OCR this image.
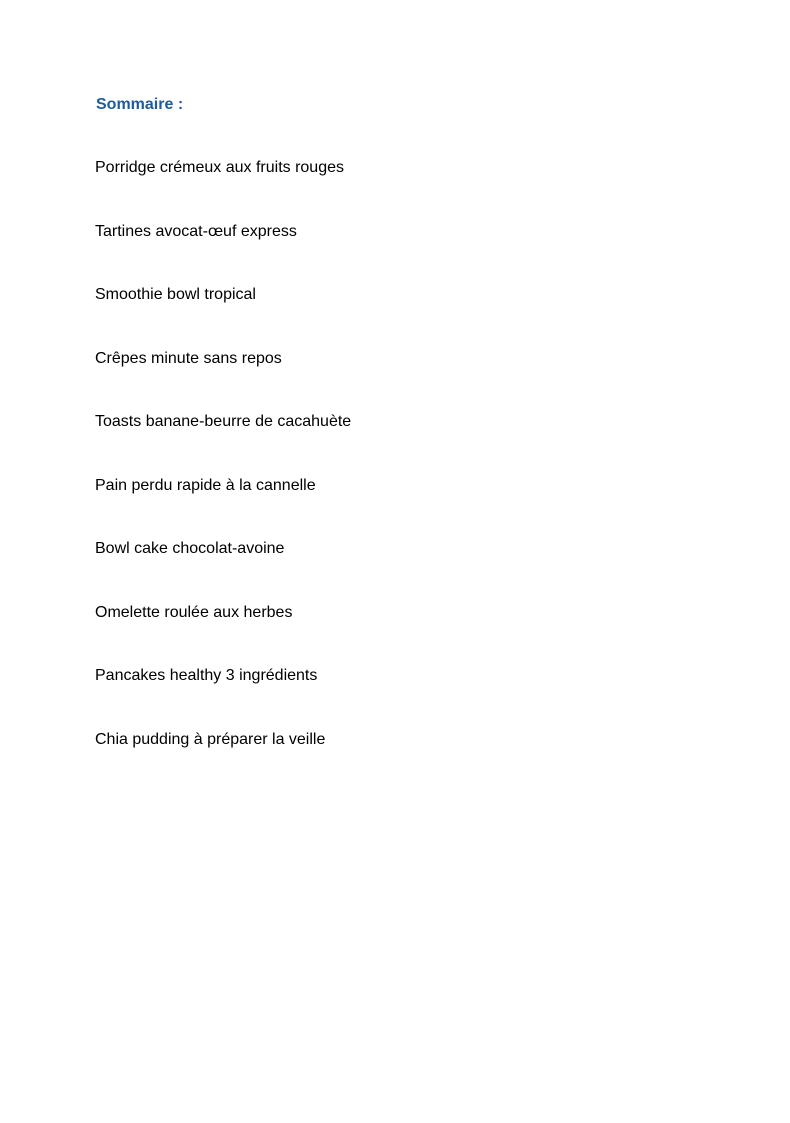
Sommaire :
Porridge crémeux aux fruits rouges
Tartines avocat-œuf express
Smoothie bowl tropical
Crêpes minute sans repos
Toasts banane-beurre de cacahuète
Pain perdu rapide à la cannelle
Bowl cake chocolat-avoine
Omelette roulée aux herbes
Pancakes healthy 3 ingrédients
Chia pudding à préparer la veille
